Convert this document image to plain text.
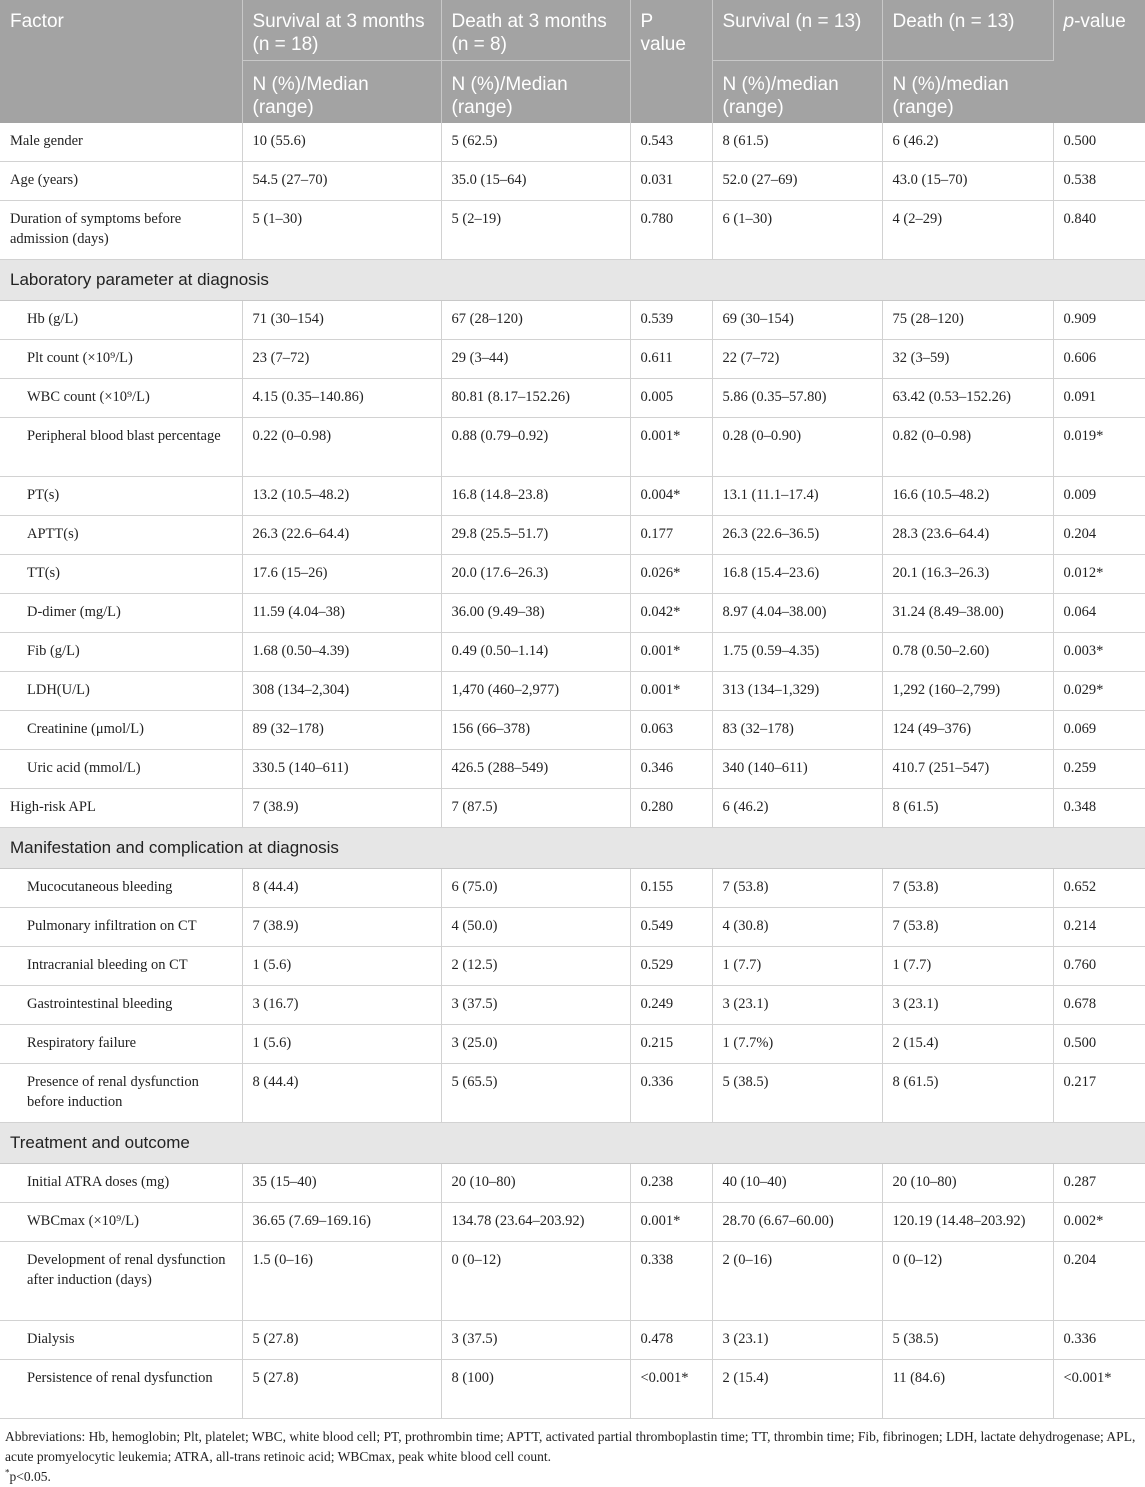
Factor	Survival at 3 months (n = 18)	Death at 3 months (n = 8)	P value	Survival (n = 13)	Death (n = 13)	p-value
	N (%)/Median (range)	N (%)/Median (range)		N (%)/median (range)	N (%)/median (range)	
Male gender	10 (55.6)	5 (62.5)	0.543	8 (61.5)	6 (46.2)	0.500
Age (years)	54.5 (27–70)	35.0 (15–64)	0.031	52.0 (27–69)	43.0 (15–70)	0.538
Duration of symptoms before admission (days)	5 (1–30)	5 (2–19)	0.780	6 (1–30)	4 (2–29)	0.840
Laboratory parameter at diagnosis						
Hb (g/L)	71 (30–154)	67 (28–120)	0.539	69 (30–154)	75 (28–120)	0.909
Plt count (×10⁹/L)	23 (7–72)	29 (3–44)	0.611	22 (7–72)	32 (3–59)	0.606
WBC count (×10⁹/L)	4.15 (0.35–140.86)	80.81 (8.17–152.26)	0.005	5.86 (0.35–57.80)	63.42 (0.53–152.26)	0.091
Peripheral blood blast percentage	0.22 (0–0.98)	0.88 (0.79–0.92)	0.001*	0.28 (0–0.90)	0.82 (0–0.98)	0.019*
PT(s)	13.2 (10.5–48.2)	16.8 (14.8–23.8)	0.004*	13.1 (11.1–17.4)	16.6 (10.5–48.2)	0.009
APTT(s)	26.3 (22.6–64.4)	29.8 (25.5–51.7)	0.177	26.3 (22.6–36.5)	28.3 (23.6–64.4)	0.204
TT(s)	17.6 (15–26)	20.0 (17.6–26.3)	0.026*	16.8 (15.4–23.6)	20.1 (16.3–26.3)	0.012*
D-dimer (mg/L)	11.59 (4.04–38)	36.00 (9.49–38)	0.042*	8.97 (4.04–38.00)	31.24 (8.49–38.00)	0.064
Fib (g/L)	1.68 (0.50–4.39)	0.49 (0.50–1.14)	0.001*	1.75 (0.59–4.35)	0.78 (0.50–2.60)	0.003*
LDH(U/L)	308 (134–2,304)	1,470 (460–2,977)	0.001*	313 (134–1,329)	1,292 (160–2,799)	0.029*
Creatinine (μmol/L)	89 (32–178)	156 (66–378)	0.063	83 (32–178)	124 (49–376)	0.069
Uric acid (mmol/L)	330.5 (140–611)	426.5 (288–549)	0.346	340 (140–611)	410.7 (251–547)	0.259
High-risk APL	7 (38.9)	7 (87.5)	0.280	6 (46.2)	8 (61.5)	0.348
Manifestation and complication at diagnosis						
Mucocutaneous bleeding	8 (44.4)	6 (75.0)	0.155	7 (53.8)	7 (53.8)	0.652
Pulmonary infiltration on CT	7 (38.9)	4 (50.0)	0.549	4 (30.8)	7 (53.8)	0.214
Intracranial bleeding on CT	1 (5.6)	2 (12.5)	0.529	1 (7.7)	1 (7.7)	0.760
Gastrointestinal bleeding	3 (16.7)	3 (37.5)	0.249	3 (23.1)	3 (23.1)	0.678
Respiratory failure	1 (5.6)	3 (25.0)	0.215	1 (7.7%)	2 (15.4)	0.500
Presence of renal dysfunction before induction	8 (44.4)	5 (65.5)	0.336	5 (38.5)	8 (61.5)	0.217
Treatment and outcome						
Initial ATRA doses (mg)	35 (15–40)	20 (10–80)	0.238	40 (10–40)	20 (10–80)	0.287
WBCmax (×10⁹/L)	36.65 (7.69–169.16)	134.78 (23.64–203.92)	0.001*	28.70 (6.67–60.00)	120.19 (14.48–203.92)	0.002*
Development of renal dysfunction after induction (days)	1.5 (0–16)	0 (0–12)	0.338	2 (0–16)	0 (0–12)	0.204
Dialysis	5 (27.8)	3 (37.5)	0.478	3 (23.1)	5 (38.5)	0.336
Persistence of renal dysfunction	5 (27.8)	8 (100)	<0.001*	2 (15.4)	11 (84.6)	<0.001*

Abbreviations: Hb, hemoglobin; Plt, platelet; WBC, white blood cell; PT, prothrombin time; APTT, activated partial thromboplastin time; TT, thrombin time; Fib, fibrinogen; LDH, lactate dehydrogenase; APL, acute promyelocytic leukemia; ATRA, all-trans retinoic acid; WBCmax, peak white blood cell count.

*p<0.05.
